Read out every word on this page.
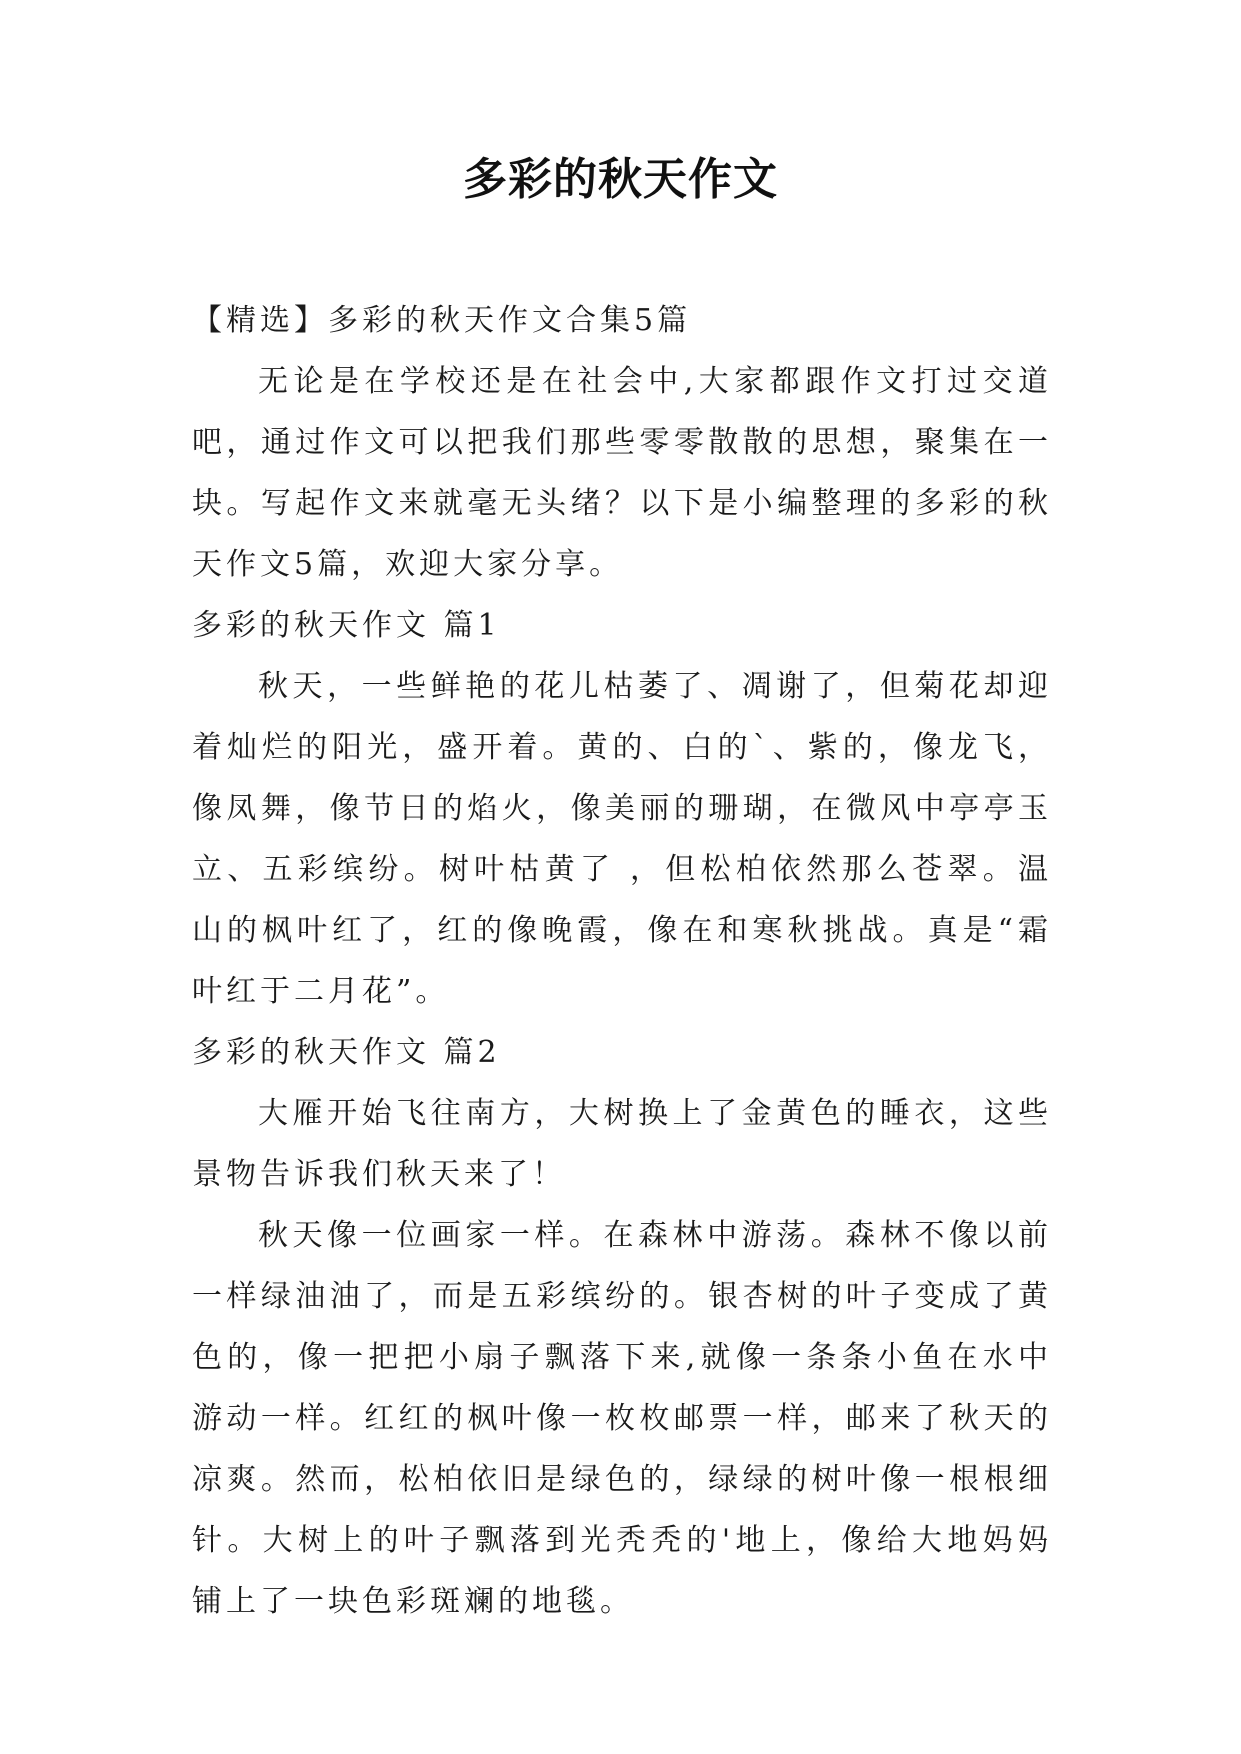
多彩的秋天作文

【精选】多彩的秋天作文合集5篇

无论是在学校还是在社会中,大家都跟作文打过交道吧，通过作文可以把我们那些零零散散的思想，聚集在一块。写起作文来就毫无头绪？以下是小编整理的多彩的秋天作文5篇，欢迎大家分享。

多彩的秋天作文 篇1

秋天，一些鲜艳的花儿枯萎了、凋谢了，但菊花却迎着灿烂的阳光，盛开着。黄的、白的`、紫的，像龙飞，像凤舞，像节日的焰火，像美丽的珊瑚，在微风中亭亭玉立、五彩缤纷。树叶枯黄了 ，但松柏依然那么苍翠。温山的枫叶红了，红的像晚霞，像在和寒秋挑战。真是“霜叶红于二月花”。

多彩的秋天作文 篇2

大雁开始飞往南方，大树换上了金黄色的睡衣，这些景物告诉我们秋天来了！

秋天像一位画家一样。在森林中游荡。森林不像以前一样绿油油了，而是五彩缤纷的。银杏树的叶子变成了黄色的，像一把把小扇子飘落下来,就像一条条小鱼在水中游动一样。红红的枫叶像一枚枚邮票一样，邮来了秋天的凉爽。然而，松柏依旧是绿色的，绿绿的树叶像一根根细针。大树上的叶子飘落到光秃秃的'地上，像给大地妈妈铺上了一块色彩斑斓的地毯。
